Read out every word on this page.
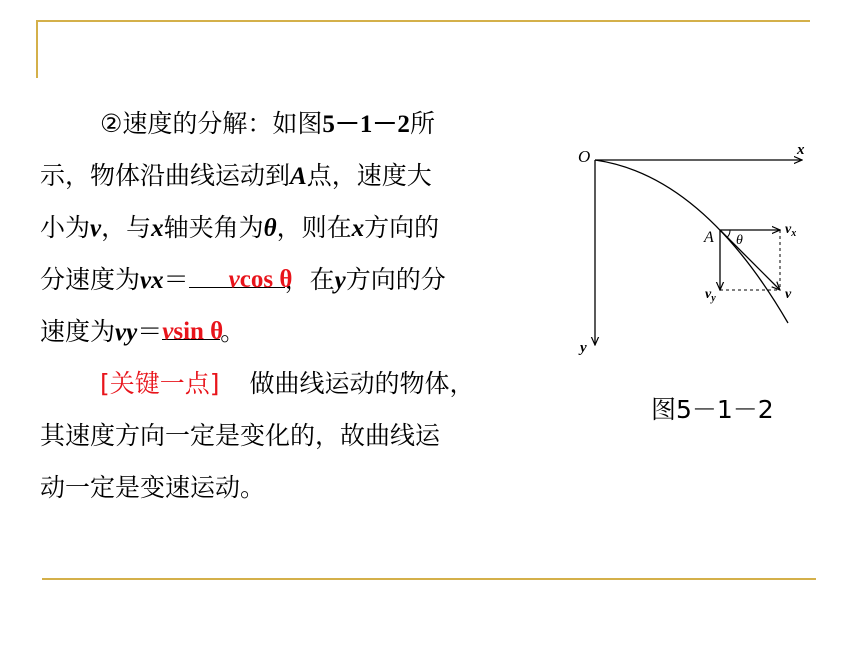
②速度的分解：如图5－1－2所
示，物体沿曲线运动到A点，速度大
小为v，与x轴夹角为θ，则在x方向的
分速度为vx＝ vcos θ
，在y方向的分
速度为vy＝ vsin θ
。
[关键一点] 做曲线运动的物体，
其速度方向一定是变化的，故曲线运
动一定是变速运动。
O	x
y
A θ
$v_x$
$v_y$	v
图5－1－2
